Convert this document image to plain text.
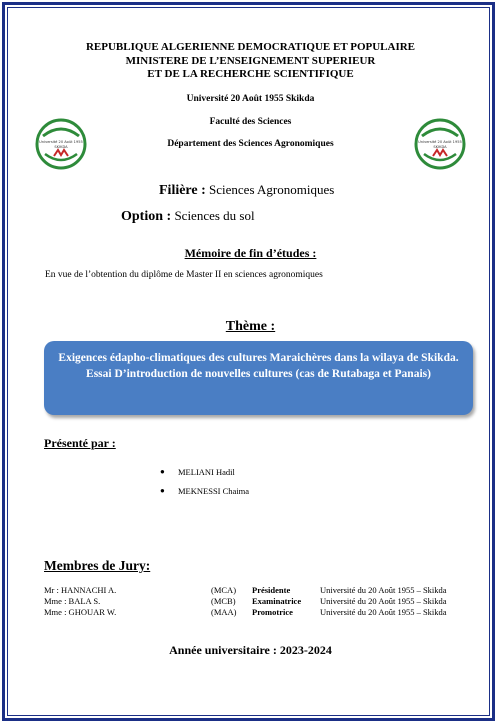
REPUBLIQUE ALGERIENNE DEMOCRATIQUE ET POPULAIRE
MINISTERE DE L’ENSEIGNEMENT SUPERIEUR
ET DE LA RECHERCHE SCIENTIFIQUE
Université 20 Août 1955 Skikda
Faculté des Sciences
Département des Sciences Agronomiques
Université 20 Août 1955
SKIKDA
Université 20 Août 1955
SKIKDA
Filière : Sciences Agronomiques
Option : Sciences du sol
Mémoire de fin d’études :
En vue de l’obtention du diplôme de Master II en sciences agronomiques
Thème :
Exigences édapho-climatiques des cultures Maraichères dans la wilaya de Skikda. Essai D’introduction de nouvelles cultures (cas de Rutabaga et Panais)
Présenté par :
●	MELIANI Hadil
●	MEKNESSI Chaima
Membres de Jury:
Mr : HANNACHI A.	(MCA) Présidente	Université du 20 Août 1955 – Skikda
Mme : BALA S.	(MCB) Examinatrice Université du 20 Août 1955 – Skikda
Mme : GHOUAR W.	(MAA) Promotrice	Université du 20 Août 1955 – Skikda
Année universitaire : 2023-2024
